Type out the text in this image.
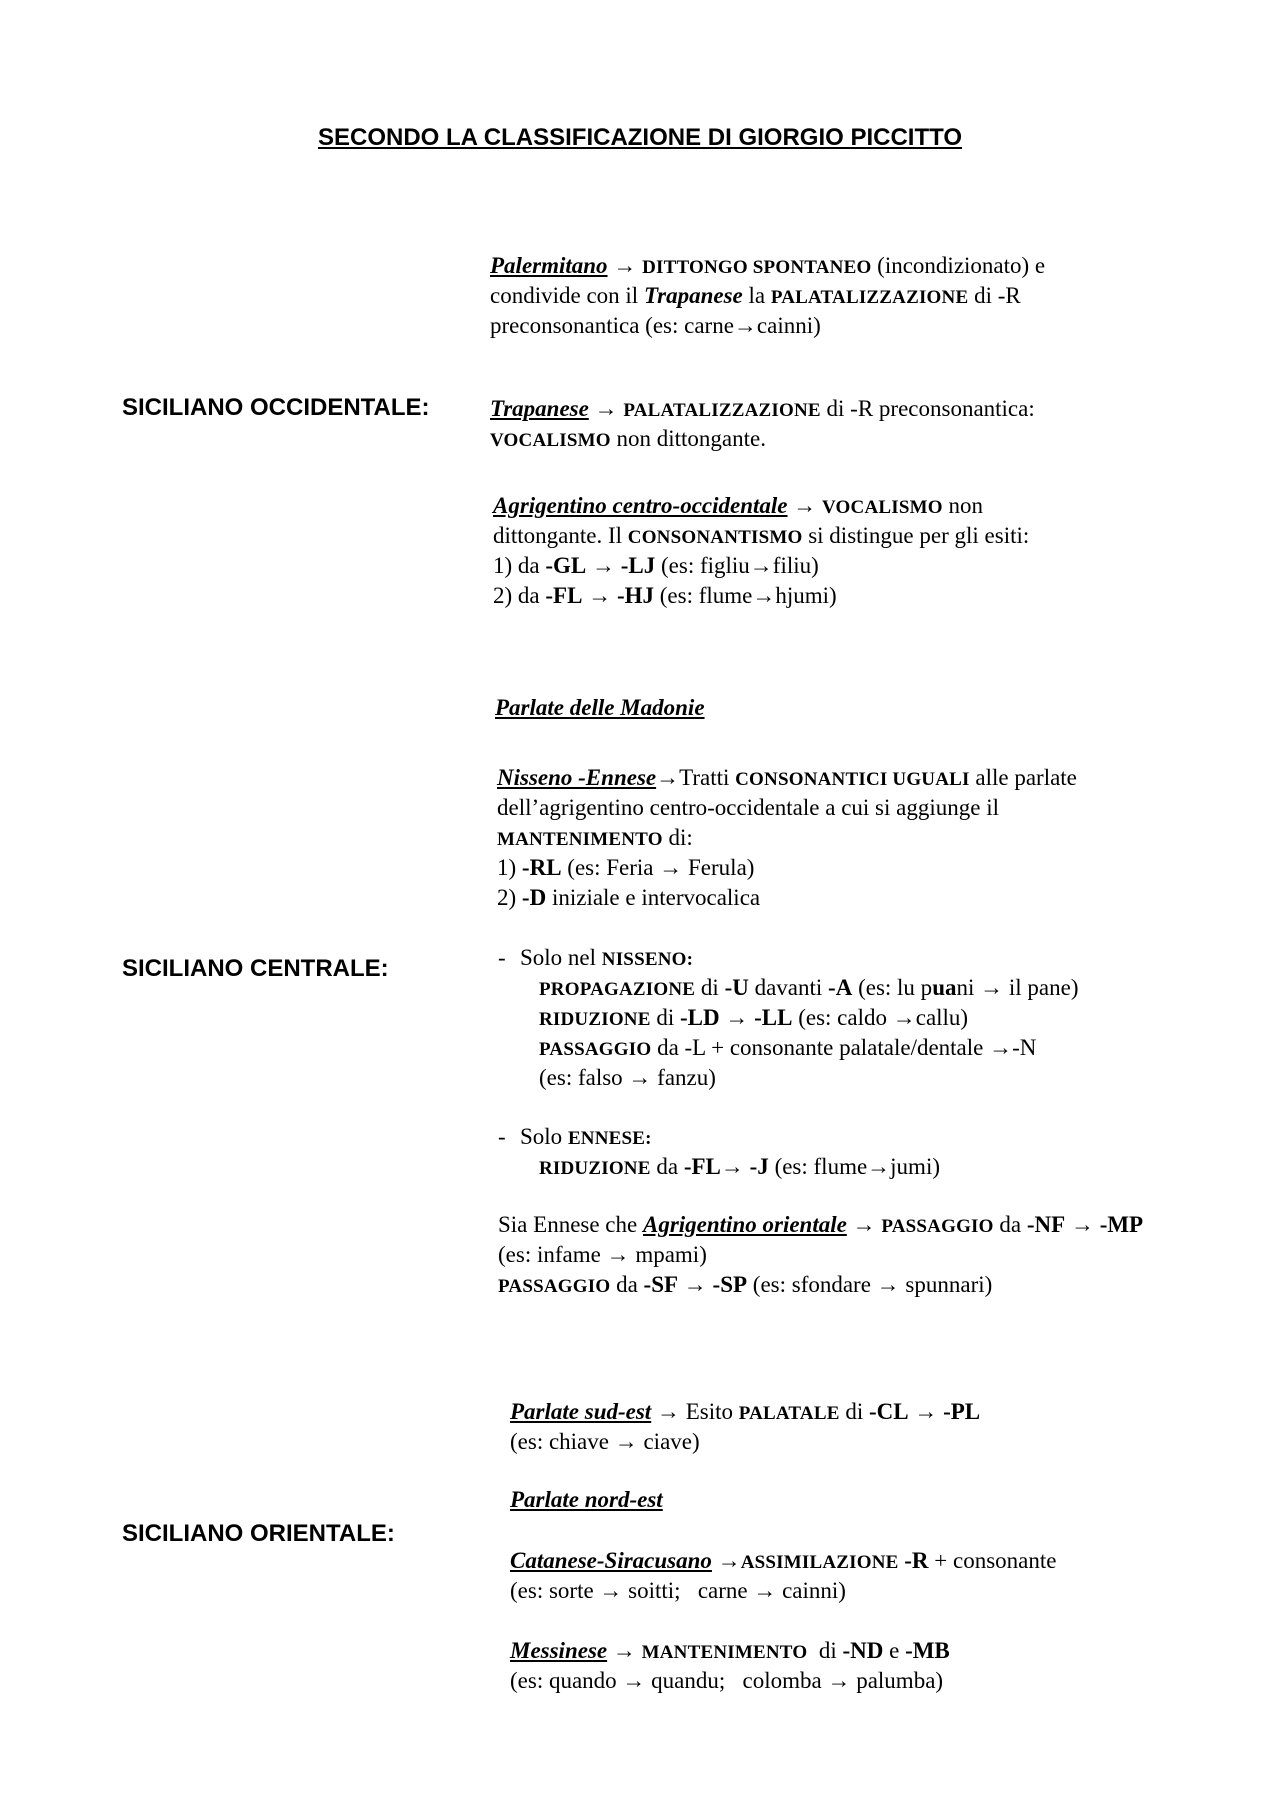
SECONDO LA CLASSIFICAZIONE DI GIORGIO PICCITTO
SICILIANO OCCIDENTALE:
SICILIANO CENTRALE:
SICILIANO ORIENTALE:
Palermitano → DITTONGO SPONTANEO (incondizionato) e
condivide con il Trapanese la PALATALIZZAZIONE di -R
preconsonantica (es: carne→cainni)
Trapanese → PALATALIZZAZIONE di -R preconsonantica:
VOCALISMO non dittongante.
Agrigentino centro-occidentale → VOCALISMO non
dittongante. Il CONSONANTISMO si distingue per gli esiti:
1) da -GL → -LJ (es: figliu→filiu)
2) da -FL → -HJ (es: flume→hjumi)
Parlate delle Madonie
Nisseno -Ennese→Tratti CONSONANTICI UGUALI alle parlate
dell’agrigentino centro-occidentale a cui si aggiunge il
MANTENIMENTO di:
1) -RL (es: Feria → Ferula)
2) -D iniziale e intervocalica
- Solo nel NISSENO:
PROPAGAZIONE di -U davanti -A (es: lu puani → il pane)
RIDUZIONE di -LD → -LL (es: caldo →callu)
PASSAGGIO da -L + consonante palatale/dentale →-N
(es: falso → fanzu)
- Solo ENNESE:
RIDUZIONE da -FL→ -J (es: flume→jumi)
Sia Ennese che Agrigentino orientale → PASSAGGIO da -NF → -MP
(es: infame → mpami)
PASSAGGIO da -SF → -SP (es: sfondare → spunnari)
Parlate sud-est → Esito PALATALE di -CL → -PL
(es: chiave → ciave)
Parlate nord-est
Catanese-Siracusano →ASSIMILAZIONE -R + consonante
(es: sorte → soitti;   carne → cainni)
Messinese → MANTENIMENTO  di -ND e -MB
(es: quando → quandu;   colomba → palumba)
